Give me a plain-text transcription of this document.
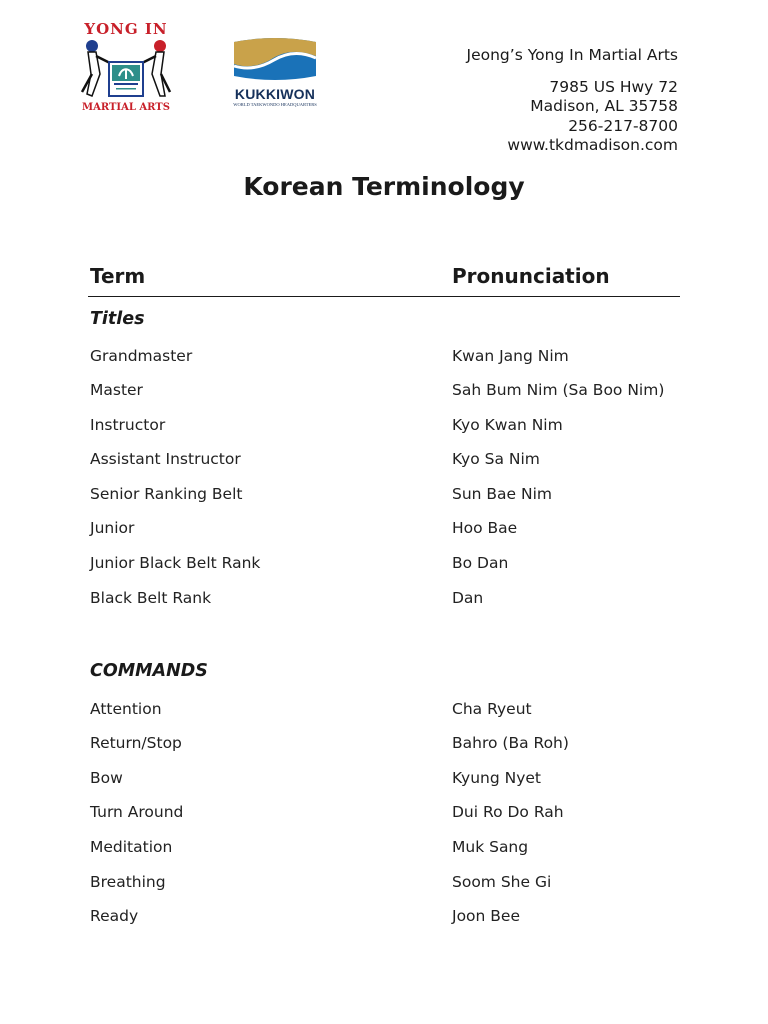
YONG IN
MARTIAL ARTS
KUKKIWON
WORLD TAEKWONDO HEADQUARTERS
Jeong’s Yong In Martial Arts
7985 US Hwy 72
Madison, AL 35758
256-217-8700
www.tkdmadison.com
Korean Terminology
Term	Pronunciation
Titles
Grandmaster	Kwan Jang Nim
Master	Sah Bum Nim (Sa Boo Nim)
Instructor	Kyo Kwan Nim
Assistant Instructor	Kyo Sa Nim
Senior Ranking Belt	Sun Bae Nim
Junior	Hoo Bae
Junior Black Belt Rank	Bo Dan
Black Belt Rank	Dan
COMMANDS
Attention	Cha Ryeut
Return/Stop	Bahro (Ba Roh)
Bow	Kyung Nyet
Turn Around	Dui Ro Do Rah
Meditation	Muk Sang
Breathing	Soom She Gi
Ready	Joon Bee
